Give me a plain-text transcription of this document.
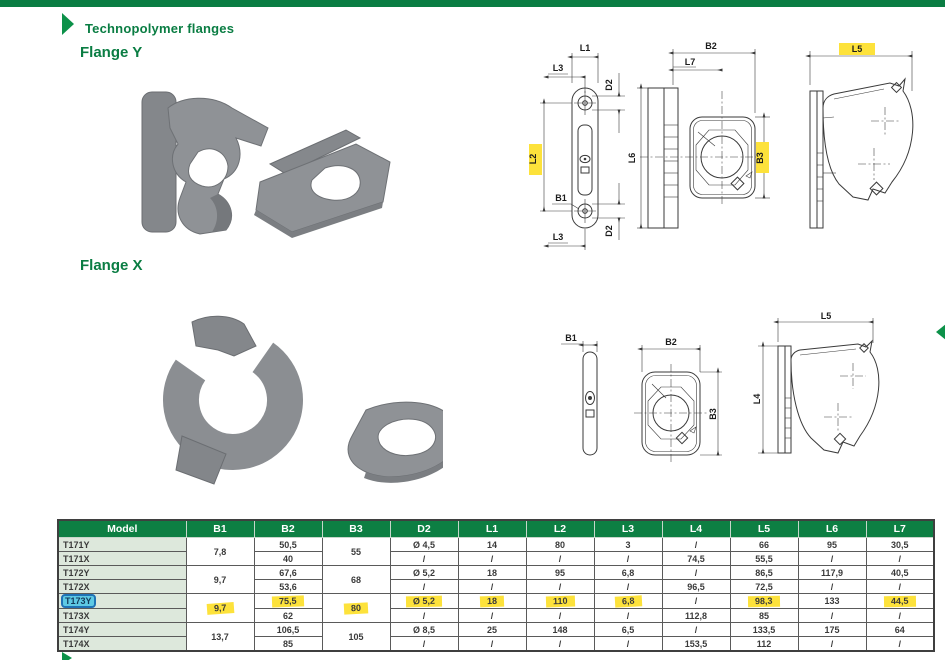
Technopolymer flanges
Flange Y
Flange X
L1
L3
D2
L2
B1
L3
D2
B2
L7
L6	B3
L5
B1	B2
B3
L4
L5
Model	B1	B2	B3	D2	L1	L2	L3	L4	L5	L6	L7
T171Y	7,8	50,5	55	Ø 4,5	14	80	3	/	66	95	30,5
T171X		40		/	/	/	/	74,5	55,5	/	/
T172Y	9,7	67,6	68	Ø 5,2	18	95	6,8	/	86,5	117,9	40,5
T172X		53,6		/	/	/	/	96,5	72,5	/	/
T173Y	9,7	75,5	80	Ø 5,2	18	110	6,8	/	98,3	133	44,5
T173X		62		/	/	/	/	112,8	85	/	/
T174Y	13,7	106,5	105	Ø 8,5	25	148	6,5	/	133,5	175	64
T174X		85		/	/	/	/	153,5	112	/	/
